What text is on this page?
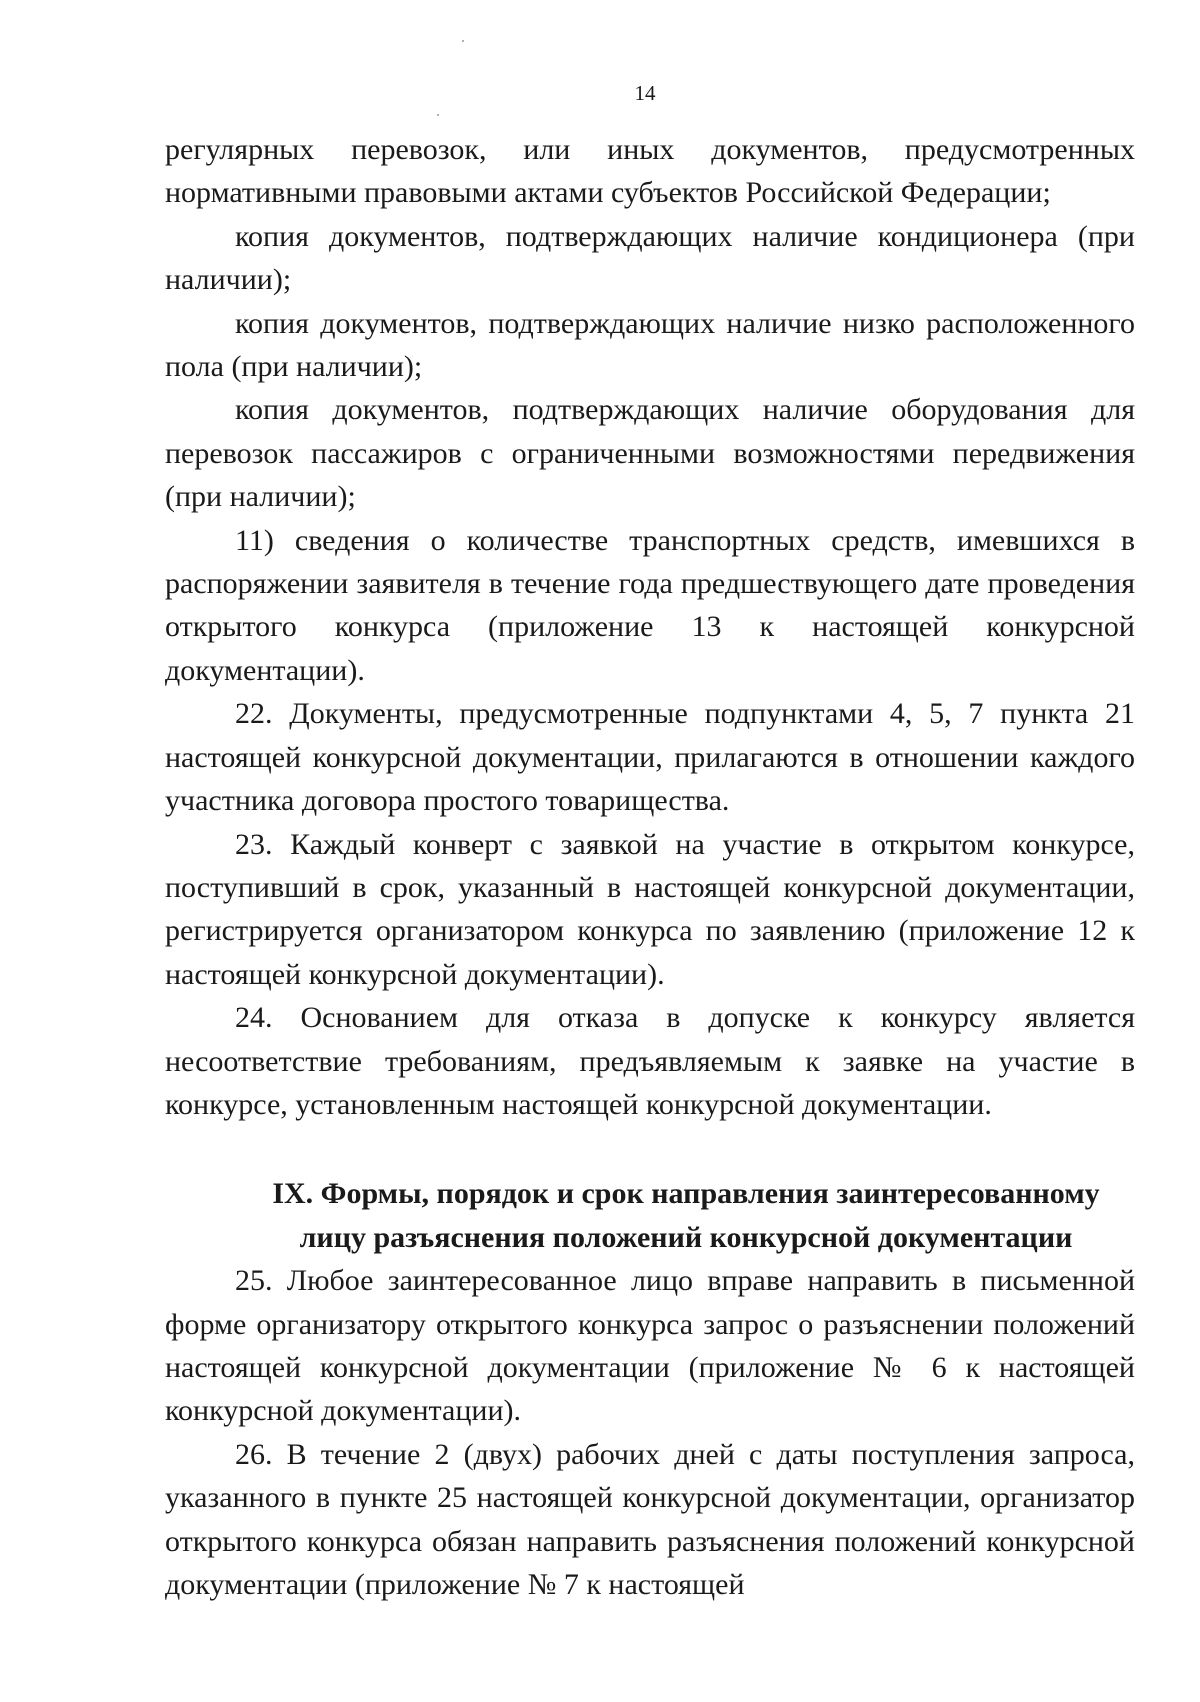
14

регулярных перевозок, или иных документов, предусмотренных нормативными правовыми актами субъектов Российской Федерации;

копия документов, подтверждающих наличие кондиционера (при наличии);

копия документов, подтверждающих наличие низко расположенного пола (при наличии);

копия документов, подтверждающих наличие оборудования для перевозок пассажиров с ограниченными возможностями передвижения (при наличии);

11) сведения о количестве транспортных средств, имевшихся в распоряжении заявителя в течение года предшествующего дате проведения открытого конкурса (приложение 13 к настоящей конкурсной документации).

22. Документы, предусмотренные подпунктами 4, 5, 7 пункта 21 настоящей конкурсной документации, прилагаются в отношении каждого участника договора простого товарищества.

23. Каждый конверт с заявкой на участие в открытом конкурсе, поступивший в срок, указанный в настоящей конкурсной документации, регистрируется организатором конкурса по заявлению (приложение 12 к настоящей конкурсной документации).

24. Основанием для отказа в допуске к конкурсу является несоответствие требованиям, предъявляемым к заявке на участие в конкурсе, установленным настоящей конкурсной документации.

IX. Формы, порядок и срок направления заинтересованному
лицу разъяснения положений конкурсной документации

25. Любое заинтересованное лицо вправе направить в письменной форме организатору открытого конкурса запрос о разъяснении положений настоящей конкурсной документации (приложение № 6 к настоящей конкурсной документации).

26. В течение 2 (двух) рабочих дней с даты поступления запроса, указанного в пункте 25 настоящей конкурсной документации, организатор открытого конкурса обязан направить разъяснения положений конкурсной документации (приложение № 7 к настоящей
